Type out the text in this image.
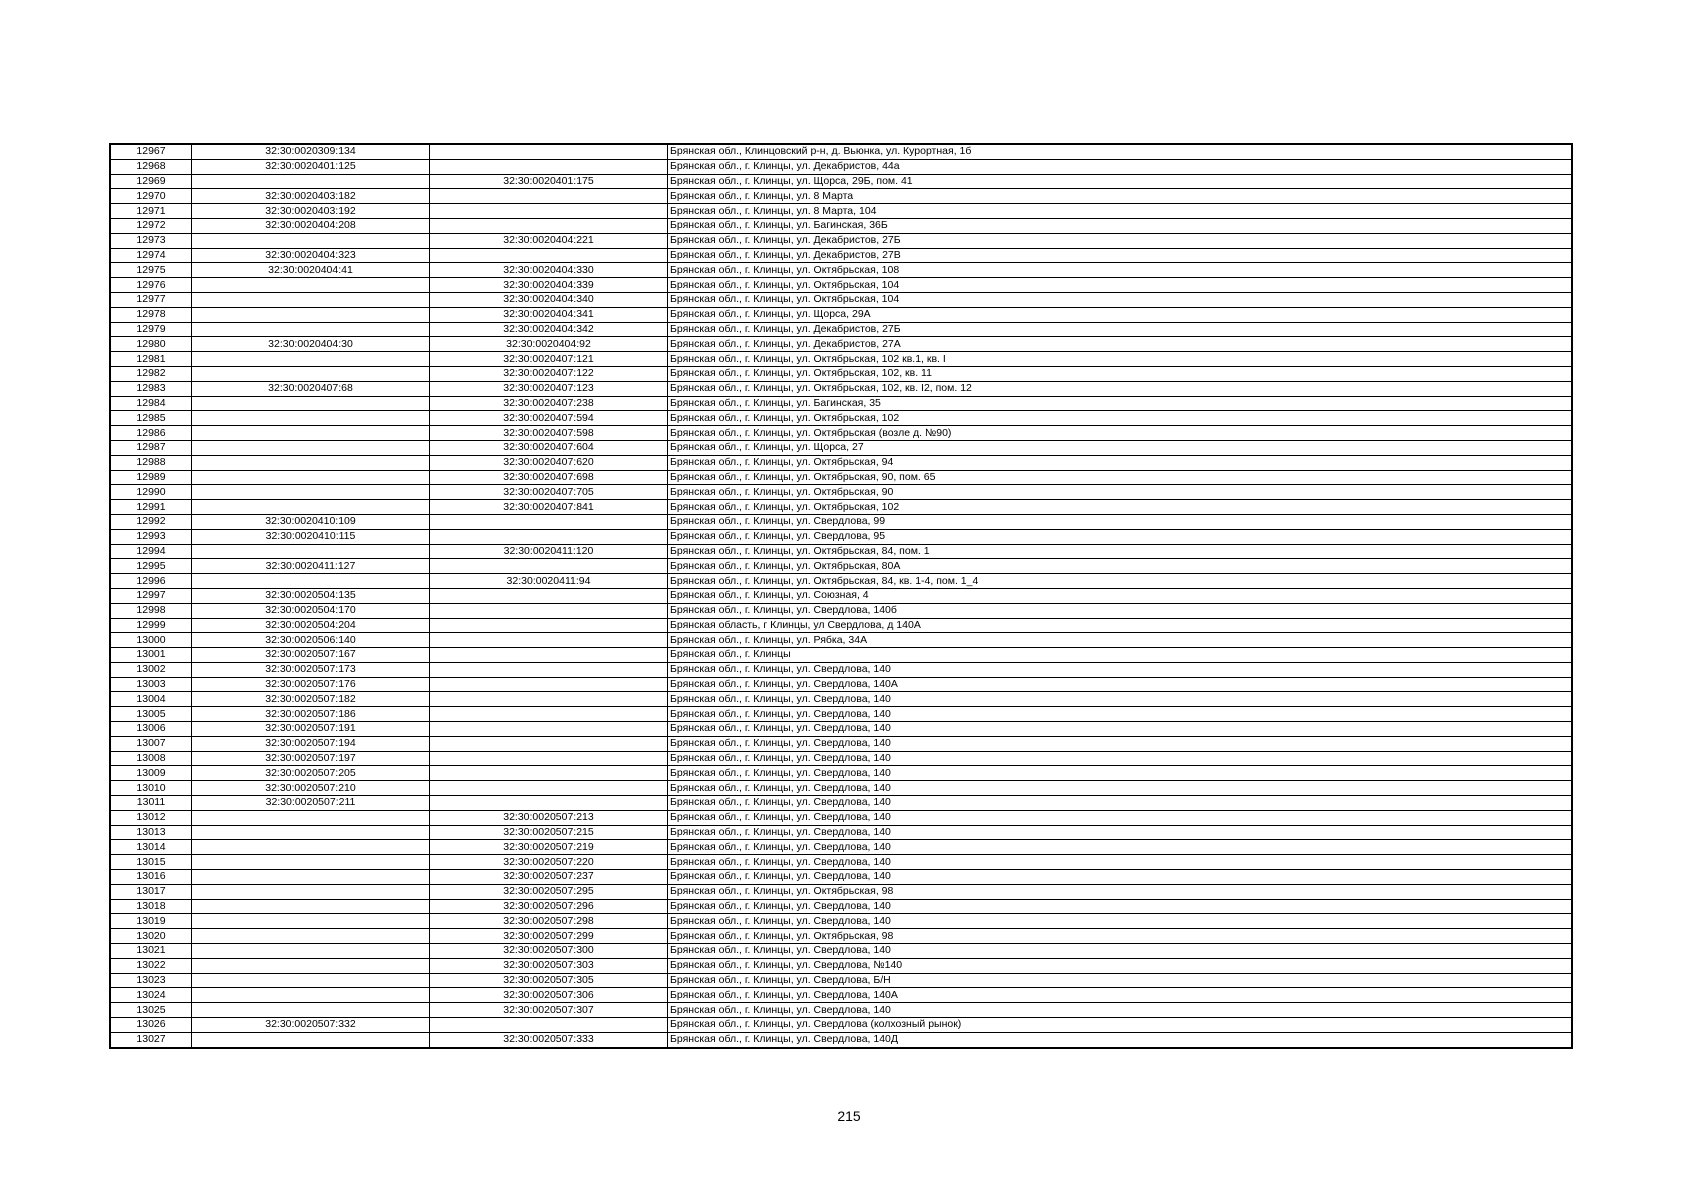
12967	32:30:0020309:134		Брянская обл., Клинцовский р-н, д. Вьюнка, ул. Курортная, 1б
12968	32:30:0020401:125		Брянская обл., г. Клинцы, ул. Декабристов, 44а
12969		32:30:0020401:175	Брянская обл., г. Клинцы, ул. Щорса, 29Б, пом. 41
12970	32:30:0020403:182		Брянская обл., г. Клинцы, ул. 8 Марта
12971	32:30:0020403:192		Брянская обл., г. Клинцы, ул. 8 Марта, 104
12972	32:30:0020404:208		Брянская обл., г. Клинцы, ул. Багинская, 36Б
12973		32:30:0020404:221	Брянская обл., г. Клинцы, ул. Декабристов, 27Б
12974	32:30:0020404:323		Брянская обл., г. Клинцы, ул. Декабристов, 27В
12975	32:30:0020404:41	32:30:0020404:330	Брянская обл., г. Клинцы, ул. Октябрьская, 108
12976		32:30:0020404:339	Брянская обл., г. Клинцы, ул. Октябрьская, 104
12977		32:30:0020404:340	Брянская обл., г. Клинцы, ул. Октябрьская, 104
12978		32:30:0020404:341	Брянская обл., г. Клинцы, ул. Щорса, 29А
12979		32:30:0020404:342	Брянская обл., г. Клинцы, ул. Декабристов, 27Б
12980	32:30:0020404:30	32:30:0020404:92	Брянская обл., г. Клинцы, ул. Декабристов, 27А
12981		32:30:0020407:121	Брянская обл., г. Клинцы, ул. Октябрьская, 102 кв.1, кв. I
12982		32:30:0020407:122	Брянская обл., г. Клинцы, ул. Октябрьская, 102, кв. 11
12983	32:30:0020407:68	32:30:0020407:123	Брянская обл., г. Клинцы, ул. Октябрьская, 102, кв. I2, пом. 12
12984		32:30:0020407:238	Брянская обл., г. Клинцы, ул. Багинская, 35
12985		32:30:0020407:594	Брянская обл., г. Клинцы, ул. Октябрьская, 102
12986		32:30:0020407:598	Брянская обл., г. Клинцы, ул. Октябрьская (возле д. №90)
12987		32:30:0020407:604	Брянская обл., г. Клинцы, ул. Щорса, 27
12988		32:30:0020407:620	Брянская обл., г. Клинцы, ул. Октябрьская, 94
12989		32:30:0020407:698	Брянская обл., г. Клинцы, ул. Октябрьская, 90, пом. 65
12990		32:30:0020407:705	Брянская обл., г. Клинцы, ул. Октябрьская, 90
12991		32:30:0020407:841	Брянская обл., г. Клинцы, ул. Октябрьская, 102
12992	32:30:0020410:109		Брянская обл., г. Клинцы, ул. Свердлова, 99
12993	32:30:0020410:115		Брянская обл., г. Клинцы, ул. Свердлова, 95
12994		32:30:0020411:120	Брянская обл., г. Клинцы, ул. Октябрьская, 84, пом. 1
12995	32:30:0020411:127		Брянская обл., г. Клинцы, ул. Октябрьская, 80А
12996		32:30:0020411:94	Брянская обл., г. Клинцы, ул. Октябрьская, 84, кв. 1-4, пом. 1_4
12997	32:30:0020504:135		Брянская обл., г. Клинцы, ул. Союзная, 4
12998	32:30:0020504:170		Брянская обл., г. Клинцы, ул. Свердлова, 140б
12999	32:30:0020504:204		Брянская область, г Клинцы, ул Свердлова, д 140А
13000	32:30:0020506:140		Брянская обл., г. Клинцы, ул. Рябка, 34А
13001	32:30:0020507:167		Брянская обл., г. Клинцы
13002	32:30:0020507:173		Брянская обл., г. Клинцы, ул. Свердлова, 140
13003	32:30:0020507:176		Брянская обл., г. Клинцы, ул. Свердлова, 140А
13004	32:30:0020507:182		Брянская обл., г. Клинцы, ул. Свердлова, 140
13005	32:30:0020507:186		Брянская обл., г. Клинцы, ул. Свердлова, 140
13006	32:30:0020507:191		Брянская обл., г. Клинцы, ул. Свердлова, 140
13007	32:30:0020507:194		Брянская обл., г. Клинцы, ул. Свердлова, 140
13008	32:30:0020507:197		Брянская обл., г. Клинцы, ул. Свердлова, 140
13009	32:30:0020507:205		Брянская обл., г. Клинцы, ул. Свердлова, 140
13010	32:30:0020507:210		Брянская обл., г. Клинцы, ул. Свердлова, 140
13011	32:30:0020507:211		Брянская обл., г. Клинцы, ул. Свердлова, 140
13012		32:30:0020507:213	Брянская обл., г. Клинцы, ул. Свердлова, 140
13013		32:30:0020507:215	Брянская обл., г. Клинцы, ул. Свердлова, 140
13014		32:30:0020507:219	Брянская обл., г. Клинцы, ул. Свердлова, 140
13015		32:30:0020507:220	Брянская обл., г. Клинцы, ул. Свердлова, 140
13016		32:30:0020507:237	Брянская обл., г. Клинцы, ул. Свердлова, 140
13017		32:30:0020507:295	Брянская обл., г. Клинцы, ул. Октябрьская, 98
13018		32:30:0020507:296	Брянская обл., г. Клинцы, ул. Свердлова, 140
13019		32:30:0020507:298	Брянская обл., г. Клинцы, ул. Свердлова, 140
13020		32:30:0020507:299	Брянская обл., г. Клинцы, ул. Октябрьская, 98
13021		32:30:0020507:300	Брянская обл., г. Клинцы, ул. Свердлова, 140
13022		32:30:0020507:303	Брянская обл., г. Клинцы, ул. Свердлова, №140
13023		32:30:0020507:305	Брянская обл., г. Клинцы, ул. Свердлова, Б/Н
13024		32:30:0020507:306	Брянская обл., г. Клинцы, ул. Свердлова, 140А
13025		32:30:0020507:307	Брянская обл., г. Клинцы, ул. Свердлова, 140
13026	32:30:0020507:332		Брянская обл., г. Клинцы, ул. Свердлова (колхозный рынок)
13027		32:30:0020507:333	Брянская обл., г. Клинцы, ул. Свердлова, 140Д
215
